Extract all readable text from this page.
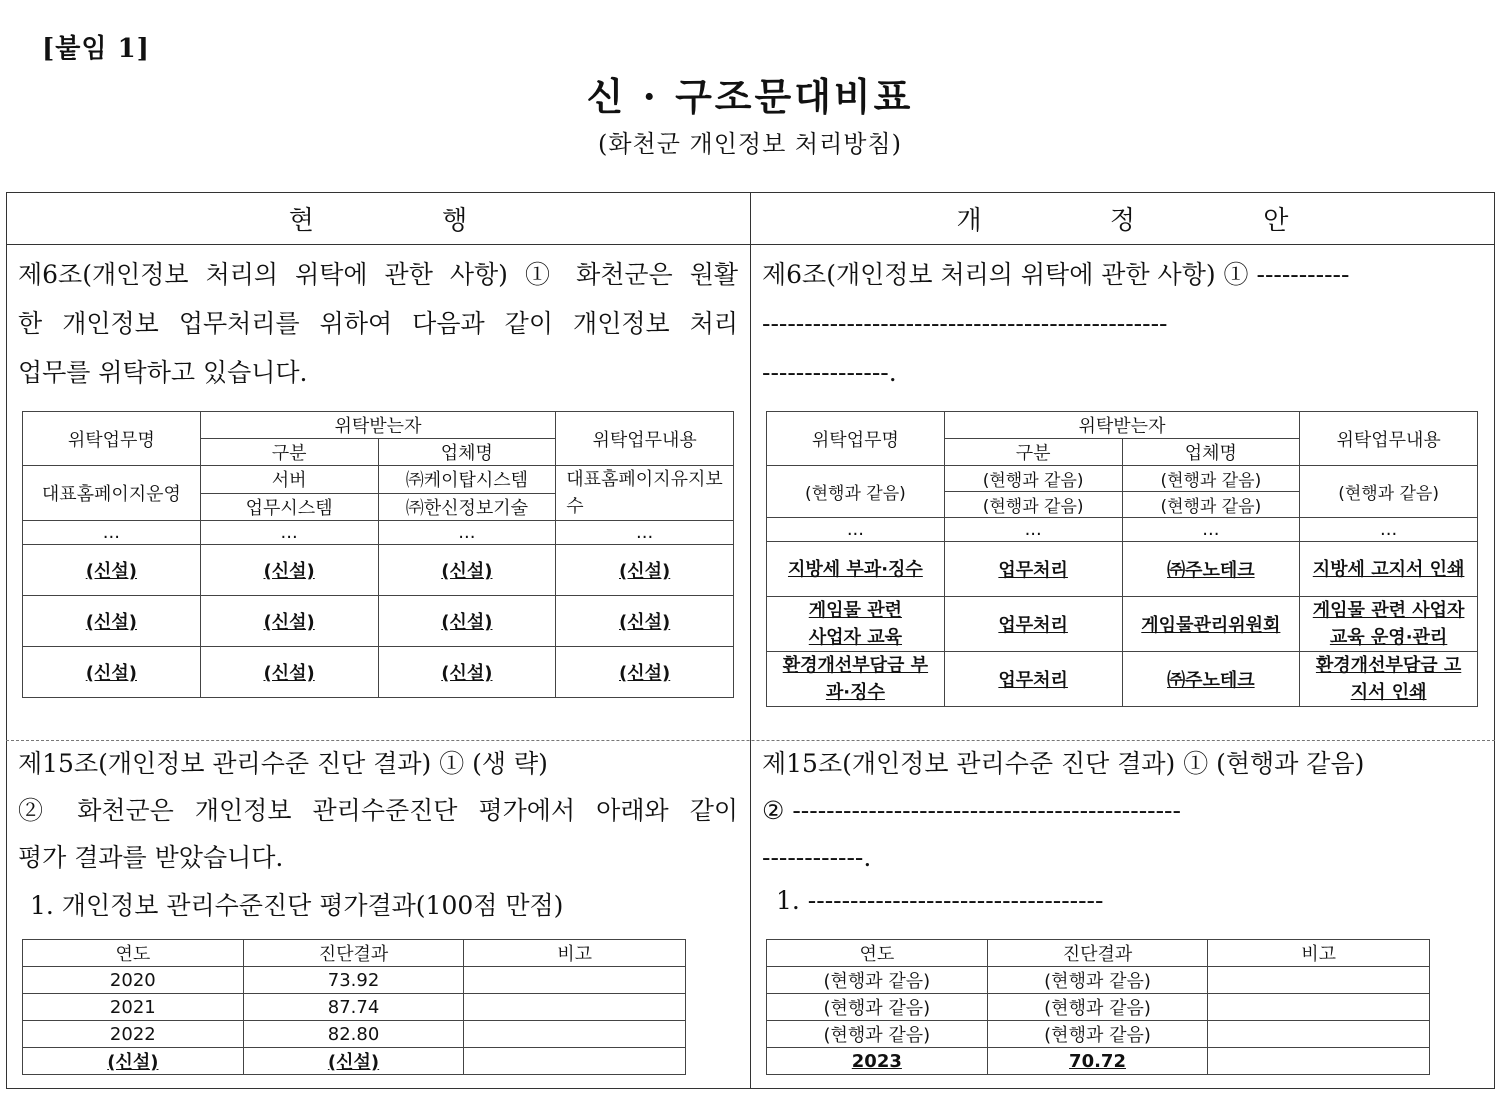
[붙임 1]
신 · 구조문대비표
(화천군 개인정보 처리방침)
현 행	개 정 안
제6조(개인정보 처리의 위탁에 관한 사항) ① 화천군은 원활
한 개인정보 업무처리를 위하여 다음과 같이 개인정보 처리
업무를 위탁하고 있습니다.
제6조(개인정보 처리의 위탁에 관한 사항) ① -----------
------------------------------------------------
---------------.
위탁업무명	위탁받는자		위탁업무내용
	구분	업체명	
대표홈페이지운영	서버	㈜케이탑시스템	대표홈페이지유지보수
	업무시스템	㈜한신정보기술	
...	...	...	...
(신설)	(신설)	(신설)	(신설)
(신설)	(신설)	(신설)	(신설)
(신설)	(신설)	(신설)	(신설)
위탁업무명	위탁받는자		위탁업무내용
	구분	업체명	
(현행과 같음)	(현행과 같음)	(현행과 같음)	(현행과 같음)
	(현행과 같음)	(현행과 같음)	
...	...	...	...
지방세 부과·징수	업무처리	㈜주노테크	지방세 고지서 인쇄
게임물 관련 사업자 교육	업무처리	게임물관리위원회	게임물 관련 사업자 교육 운영·관리
환경개선부담금 부과·징수	업무처리	㈜주노테크	환경개선부담금 고지서 인쇄
제15조(개인정보 관리수준 진단 결과) ① (생 략)
② 화천군은 개인정보 관리수준진단 평가에서 아래와 같이
평가 결과를 받았습니다.
1. 개인정보 관리수준진단 평가결과(100점 만점)
제15조(개인정보 관리수준 진단 결과) ① (현행과 같음)
② ----------------------------------------------
------------.
1. -----------------------------------
연도	진단결과	비고
2020	73.92	
2021	87.74	
2022	82.80	
(신설)	(신설)	
연도	진단결과	비고
(현행과 같음)	(현행과 같음)	
(현행과 같음)	(현행과 같음)	
(현행과 같음)	(현행과 같음)	
2023	70.72	
